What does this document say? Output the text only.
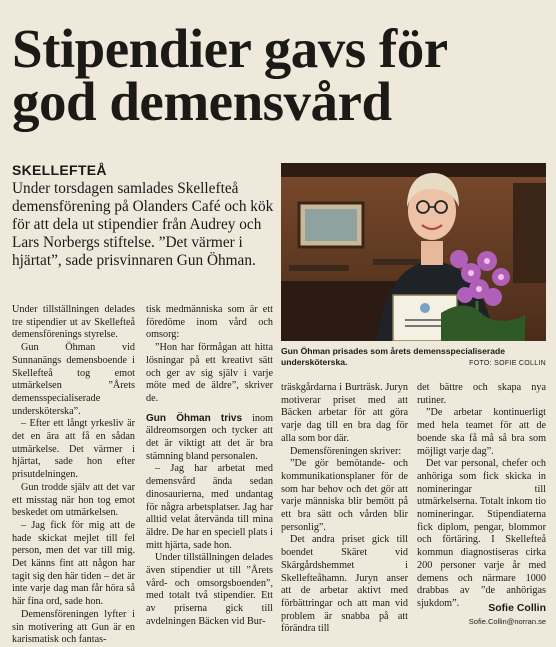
Stipendier gavs för
god demensvård
SKELLEFTEÅ
Under torsdagen samlades Skellefteå demensförening på Olanders Café och kök för att dela ut stipendier från Audrey och Lars Norbergs stiftelse. ”Det värmer i hjärtat”, sade prisvinnaren Gun Öhman.
Gun Öhman prisades som årets demensspecialiserade undersköterska.	FOTO: SOFIE COLLIN

Under tillställningen delades tre stipendier ut av Skellefteå demensförenings styrelse.

Gun Öhman vid Sunnanängs demensboende i Skellefteå tog emot utmärkelsen ”Årets demensspecialiserade undersköterska”.

– Efter ett långt yrkesliv är det en ära att få en sådan utmärkelse. Det värmer i hjärtat, sade hon efter prisutdelningen.

Gun trodde själv att det var ett misstag när hon tog emot beskedet om utmärkelsen.

– Jag fick för mig att de hade skickat mejlet till fel person, men det var till mig. Det känns fint att någon har tagit sig den här tiden – det är inte varje dag man får höra så här fina ord, sade hon.

Demensföreningen lyfter i sin motivering att Gun är en karismatisk och fantas-

tisk medmänniska som är ett föredöme inom vård och omsorg:

”Hon har förmågan att hitta lösningar på ett kreativt sätt och ger av sig själv i varje möte med de äldre”, skriver de.

Gun Öhman trivs inom äldreomsorgen och tycker att det är viktigt att det är bra stämning bland personalen.

– Jag har arbetat med demensvård ända sedan dinosaurierna, med undantag för några arbetsplatser. Jag har alltid velat återvända till mina äldre. De har en speciell plats i mitt hjärta, sade hon.

Under tillställningen delades även stipendier ut till ”Årets vård- och omsorgsboenden”, med totalt två stipendier. Ett av priserna gick till avdelningen Bäcken vid Bur-

träskgårdarna i Burträsk. Juryn motiverar priset med att Bäcken arbetar för att göra varje dag till en bra dag för alla som bor där.

Demensföreningen skriver:

”De gör bemötande- och kommunikationsplaner för de som har behov och det gör att varje människa blir bemött på ett bra sätt och vården blir personlig”.

Det andra priset gick till boendet Skäret vid Skärgårdshemmet i Skellefteåhamn. Juryn anser att de arbetar aktivt med förbättringar och att man vid problem är snabba på att förändra till

det bättre och skapa nya rutiner.

”De arbetar kontinuerligt med hela teamet för att de boende ska få må så bra som möjligt varje dag”.

Det var personal, chefer och anhöriga som fick skicka in nomineringar till utmärkelserna. Totalt inkom tio nomineringar. Stipendiaterna fick diplom, pengar, blommor och förtäring. I Skellefteå kommun diagnostiseras cirka 200 personer varje år med demens och närmare 1000 drabbas av ”de anhörigas sjukdom”.	Sofie Collin
Sofie.Collin@norran.se
